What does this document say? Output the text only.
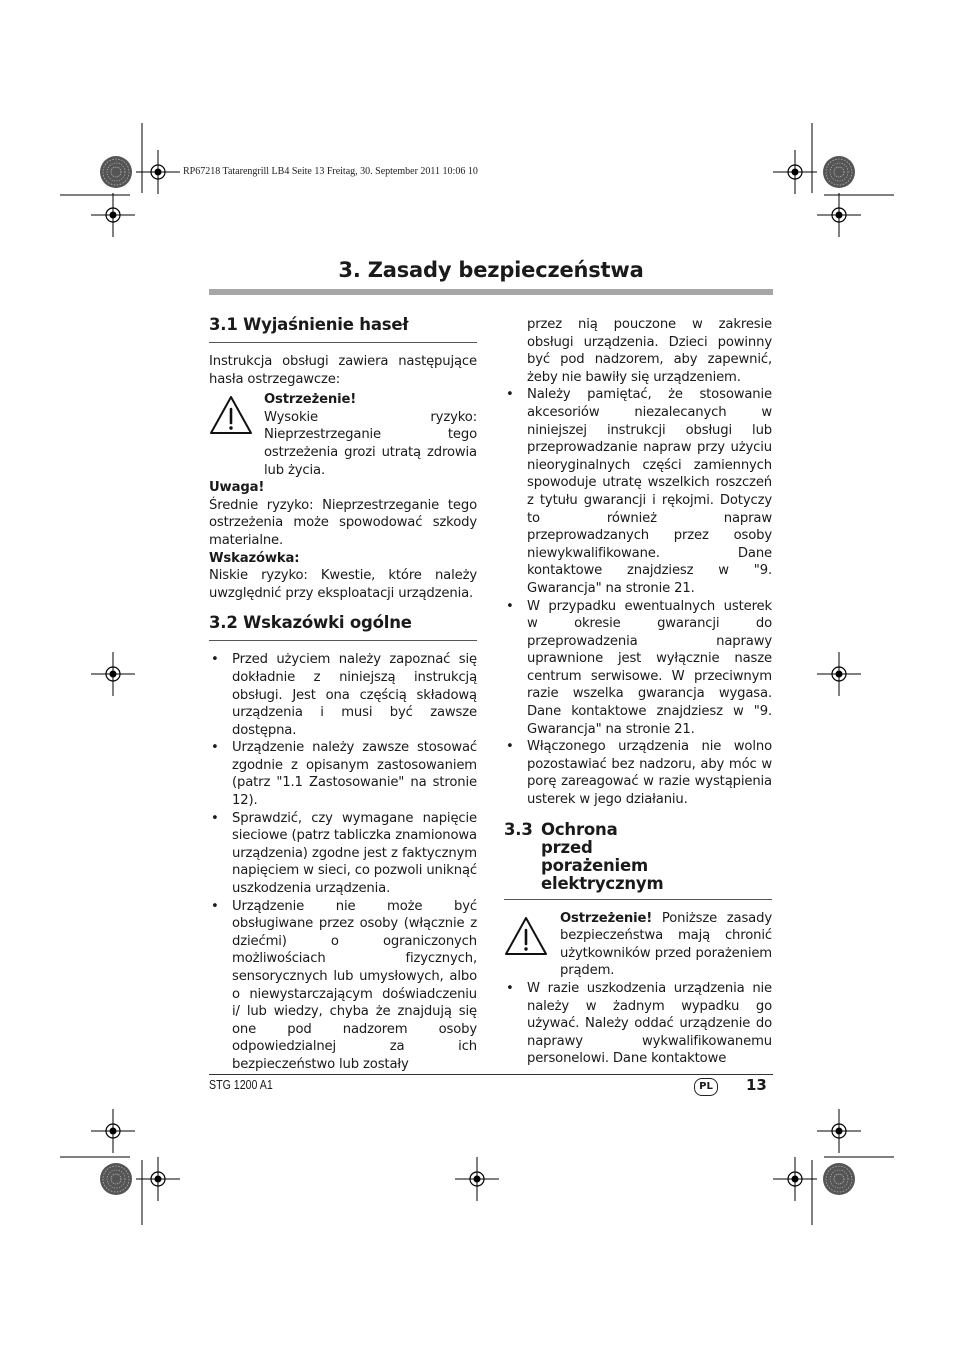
RP67218 Tatarengrill LB4 Seite 13 Freitag, 30. September 2011 10:06 10
3. Zasady bezpieczeństwa
3.1 Wyjaśnienie haseł

Instrukcja obsługi zawiera następujące hasła ostrzegawcze:

Ostrzeżenie!

Wysokie ryzyko: Nieprzestrzeganie tego ostrzeżenia grozi utratą zdrowia lub życia.

Uwaga!

Średnie ryzyko: Nieprzestrzeganie tego ostrzeżenia może spowodować szkody materialne.

Wskazówka:

Niskie ryzyko: Kwestie, które należy uwzględnić przy eksploatacji urządzenia.

3.2 Wskazówki ogólne
• Przed użyciem należy zapoznać się dokładnie z niniejszą instrukcją obsługi. Jest ona częścią składową urządzenia i musi być zawsze dostępna.
• Urządzenie należy zawsze stosować zgodnie z opisanym zastosowaniem (patrz "1.1 Zastosowanie" na stronie 12).
• Sprawdzić, czy wymagane napięcie sieciowe (patrz tabliczka znamionowa urządzenia) zgodne jest z faktycznym napięciem w sieci, co pozwoli uniknąć uszkodzenia urządzenia.
• Urządzenie nie może być obsługiwane przez osoby (włącznie z dziećmi) o ograniczonych możliwościach fizycznych, sensorycznych lub umysłowych, albo o niewystarczającym doświadczeniu i/ lub wiedzy, chyba że znajdują się one pod nadzorem osoby odpowiedzialnej za ich bezpieczeństwo lub zostały

przez nią pouczone w zakresie obsługi urządzenia. Dzieci powinny być pod nadzorem, aby zapewnić, żeby nie bawiły się urządzeniem.

• Należy pamiętać, że stosowanie akcesoriów niezalecanych w niniejszej instrukcji obsługi lub przeprowadzanie napraw przy użyciu nieoryginalnych części zamiennych spowoduje utratę wszelkich roszczeń z tytułu gwarancji i rękojmi. Dotyczy to również napraw przeprowadzanych przez osoby niewykwalifikowane. Dane kontaktowe znajdziesz w "9. Gwarancja" na stronie 21.
• W przypadku ewentualnych usterek w okresie gwarancji do przeprowadzenia naprawy uprawnione jest wyłącznie nasze centrum serwisowe. W przeciwnym razie wszelka gwarancja wygasa. Dane kontaktowe znajdziesz w "9. Gwarancja" na stronie 21.
• Włączonego urządzenia nie wolno pozostawiać bez nadzoru, aby móc w porę zareagować w razie wystąpienia usterek w jego działaniu.
3.3 Ochrona przed porażeniem elektrycznym

Ostrzeżenie! Poniższe zasady bezpieczeństwa mają chronić użytkowników przed porażeniem prądem.

• W razie uszkodzenia urządzenia nie należy w żadnym wypadku go używać. Należy oddać urządzenie do naprawy wykwalifikowanemu personelowi. Dane kontaktowe
STG 1200 A1	PL	13
